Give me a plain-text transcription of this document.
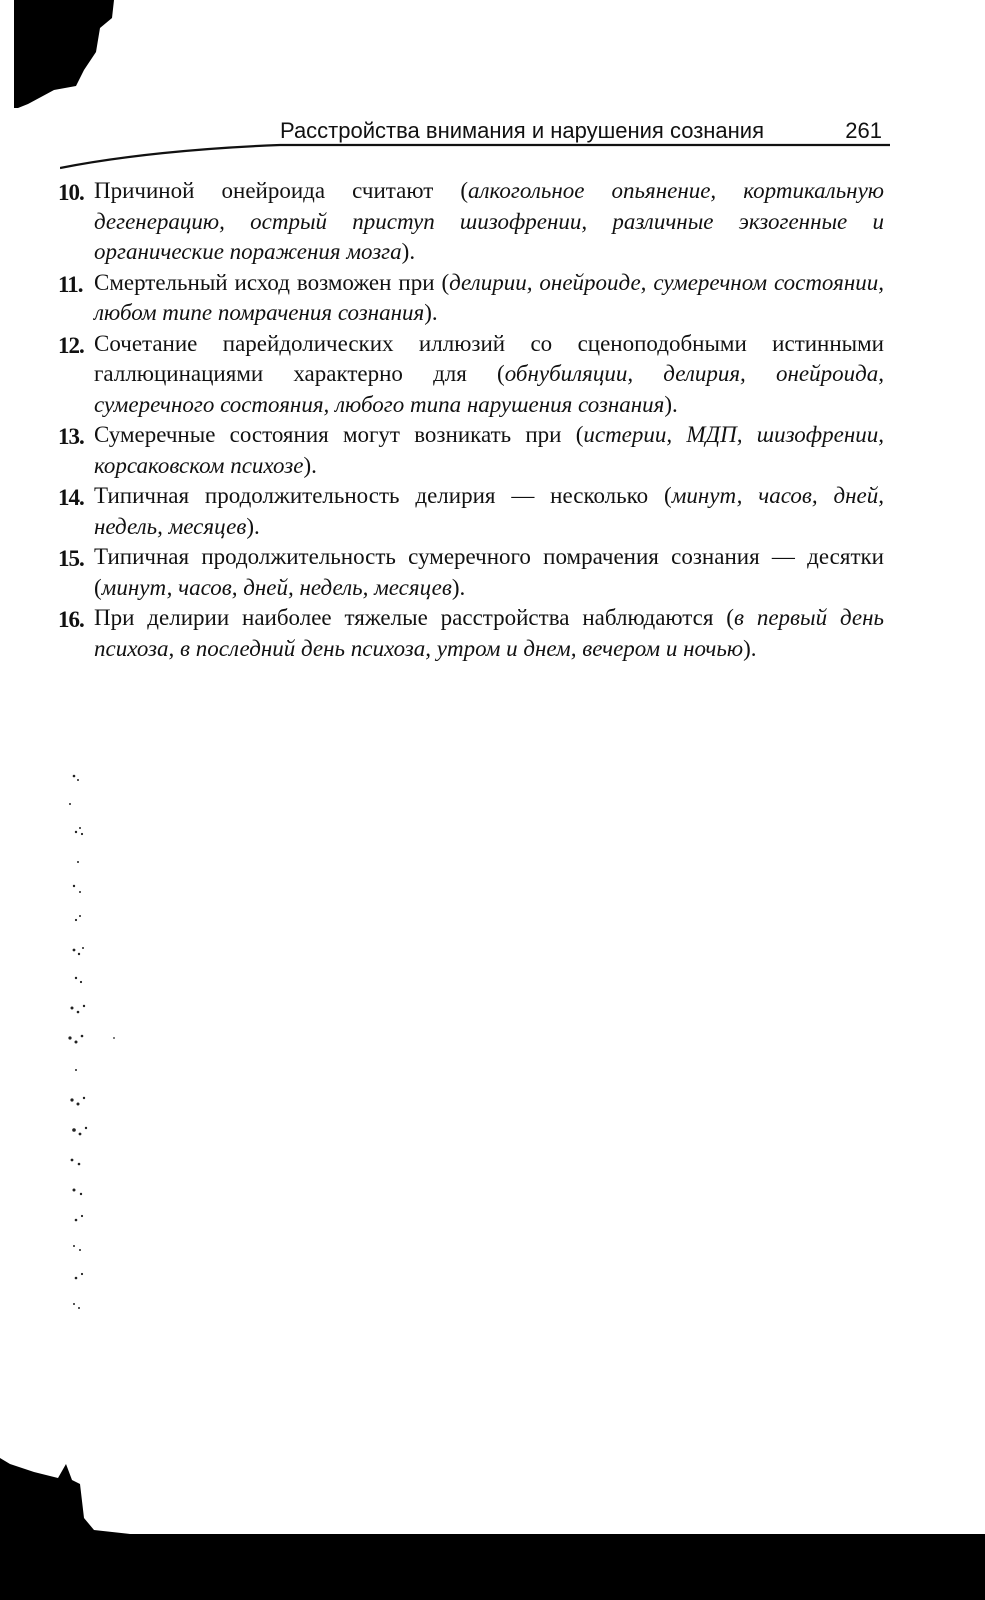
Расстройства внимания и нарушения сознания	261
10. Причиной онейроида считают (алкогольное опьянение, кортикальную дегенерацию, острый приступ шизофрении, различные экзогенные и органические поражения мозга).
11. Смертельный исход возможен при (делирии, онейроиде, сумеречном состоянии, любом типе помрачения сознания).
12. Сочетание парейдолических иллюзий со сценоподобными истинными галлюцинациями характерно для (обнубиляции, делирия, онейроида, сумеречного состояния, любого типа нарушения сознания).
13. Сумеречные состояния могут возникать при (истерии, МДП, шизофрении, корсаковском психозе).
14. Типичная продолжительность делирия — несколько (минут, часов, дней, недель, месяцев).
15. Типичная продолжительность сумеречного помрачения сознания — десятки (минут, часов, дней, недель, месяцев).
16. При делирии наиболее тяжелые расстройства наблюдаются (в первый день психоза, в последний день психоза, утром и днем, вечером и ночью).
